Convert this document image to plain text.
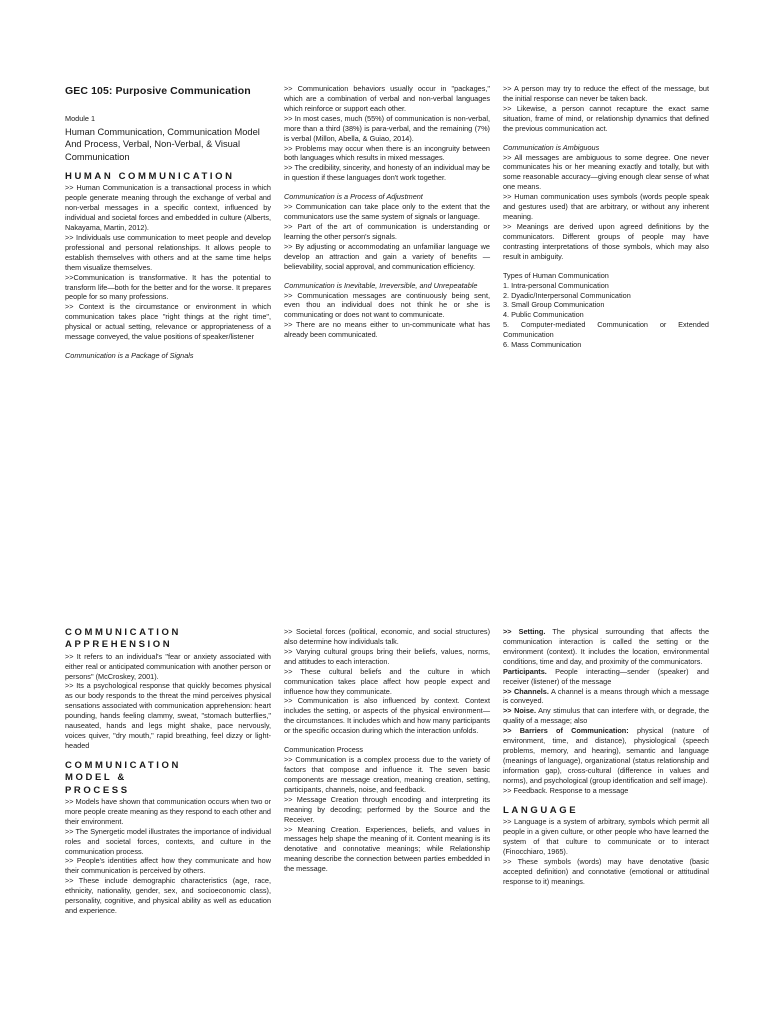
GEC 105: Purposive Communication
Module 1
Human Communication, Communication Model And Process, Verbal, Non-Verbal, & Visual Communication

HUMAN COMMUNICATION

>> Human Communication is a transactional process in which people generate meaning through the exchange of verbal and non-verbal messages in a specific context, influenced by individual and societal forces and embedded in culture (Alberts, Nakayama, Martin, 2012).

>> Individuals use communication to meet people and develop professional and personal relationships. It allows people to establish themselves with others and at the same time helps them visualize themselves.

>>Communication is transformative. It has the potential to transform life—both for the better and for the worse. It prepares people for so many professions.

>> Context is the circumstance or environment in which communication takes place "right things at the right time", physical or actual setting, relevance or appropriateness of a message conveyed, the value positions of speaker/listener

Communication is a Package of Signals

>> Communication behaviors usually occur in "packages," which are a combination of verbal and non-verbal languages which reinforce or support each other.

>> In most cases, much (55%) of communication is non-verbal, more than a third (38%) is para-verbal, and the remaining (7%) is verbal (Millon, Abella, & Guiao, 2014).

>> Problems may occur when there is an incongruity between both languages which results in mixed messages.

>> The credibility, sincerity, and honesty of an individual may be in question if these languages don't work together.

Communication is a Process of Adjustment

>> Communication can take place only to the extent that the communicators use the same system of signals or language.

>> Part of the art of communication is understanding or learning the other person's signals.

>> By adjusting or accommodating an unfamiliar language we develop an attraction and gain a variety of benefits — believability, social approval, and communication efficiency.

Communication is Inevitable, Irreversible, and Unrepeatable

>> Communication messages are continuously being sent, even thou an individual does not think he or she is communicating or does not want to communicate.

>> There are no means either to un-communicate what has already been communicated.

>> A person may try to reduce the effect of the message, but the initial response can never be taken back.

>> Likewise, a person cannot recapture the exact same situation, frame of mind, or relationship dynamics that defined the previous communication act.

Communication is Ambiguous

>> All messages are ambiguous to some degree. One never communicates his or her meaning exactly and totally, but with some reasonable accuracy—giving enough clear sense of what one means.

>> Human communication uses symbols (words people speak and gestures used) that are arbitrary, or without any inherent meaning.

>> Meanings are derived upon agreed definitions by the communicators. Different groups of people may have contrasting interpretations of those symbols, which may also result in ambiguity.

Types of Human Communication

1. Intra-personal Communication

2. Dyadic/Interpersonal Communication

3. Small Group Communication

4. Public Communication

5. Computer-mediated Communication or Extended Communication

6. Mass Communication

COMMUNICATION APPREHENSION

>> It refers to an individual's "fear or anxiety associated with either real or anticipated communication with another person or persons" (McCroskey, 2001).

>> Its a psychological response that quickly becomes physical as our body responds to the threat the mind perceives physical sensations associated with communication apprehension: heart pounding, hands feeling clammy, sweat, "stomach butterflies," nauseated, hands and legs might shake, pace nervously, voices quiver, "dry mouth," rapid breathing, feel dizzy or light-headed

COMMUNICATION MODEL & PROCESS

>> Models have shown that communication occurs when two or more people create meaning as they respond to each other and their environment.

>> The Synergetic model illustrates the importance of individual roles and societal forces, contexts, and culture in the communication process.

>> People's identities affect how they communicate and how their communication is perceived by others.

>> These include demographic characteristics (age, race, ethnicity, nationality, gender, sex, and socioeconomic class), personality, cognitive, and physical ability as well as education and experience.

>> Societal forces (political, economic, and social structures) also determine how individuals talk.

>> Varying cultural groups bring their beliefs, values, norms, and attitudes to each interaction.

>> These cultural beliefs and the culture in which communication takes place affect how people expect and influence how they communicate.

>> Communication is also influenced by context. Context includes the setting, or aspects of the physical environment—the circumstances. It includes which and how many participants or the specific occasion during which the interaction unfolds.

Communication Process

>> Communication is a complex process due to the variety of factors that compose and influence it. The seven basic components are message creation, meaning creation, setting, participants, channels, noise, and feedback.

>> Message Creation through encoding and interpreting its meaning by decoding; performed by the Source and the Receiver.

>> Meaning Creation. Experiences, beliefs, and values in messages help shape the meaning of it. Content meaning is its denotative and connotative meanings; while Relationship meaning describe the connection between parties embedded in the message.

>> Setting. The physical surrounding that affects the communication interaction is called the setting or the environment (context). It includes the location, environmental conditions, time and day, and proximity of the communicators.

Participants. People interacting—sender (speaker) and receiver (listener) of the message

>> Channels. A channel is a means through which a message is conveyed.

>> Noise. Any stimulus that can interfere with, or degrade, the quality of a message; also

>> Barriers of Communication: physical (nature of environment, time, and distance), physiological (speech problems, memory, and hearing), semantic and language (meanings of language), organizational (status relationship and information gap), cross-cultural (difference in values and norms), and psychological (group identification and self image).

>> Feedback. Response to a message

LANGUAGE

>> Language is a system of arbitrary, symbols which permit all people in a given culture, or other people who have learned the system of that culture to communicate or to interact (Finocchiaro, 1965).

>> These symbols (words) may have denotative (basic accepted definition) and connotative (emotional or attitudinal response to it) meanings.
